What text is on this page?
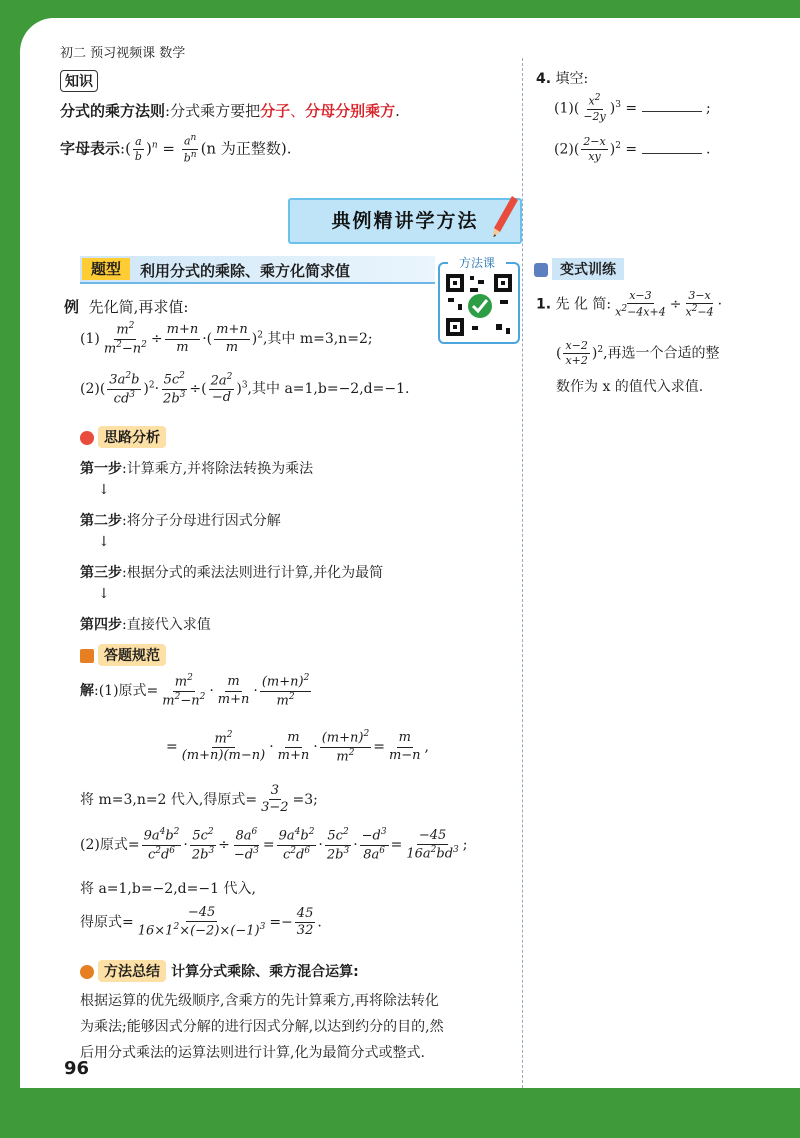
初二 预习视频课 数学
知识
分式的乘方法则:分式乘方要把分子、分母分别乘方.
字母表示:( $\frac{a}{b} )^n = \frac{a^n}{b^n} (n$ 为正整数).
4. 填空:
$(1)( \frac{x^2}{-2y} )^3$ =	;
$(2)( \frac{2-x}{xy} )^2$ =	.
典例精讲学方法
题型	利用分式的乘除、乘方化简求值	方法课
例 先化简,再求值:
$(1) \frac{m^2}{m^2-n^2} \div \frac{m+n}{m}$ ·( $\frac{m+n}{m} )^2$,其中 m=3,n=2;
$(2)( \frac{3a^2b}{cd^3} )^2\cdot \frac{5c^2}{2b^3}$ ÷( $\frac{2a^2}{-d} )^3$,其中 a=1,b=−2,d=−1.
思路分析
第一步:计算乘方,并将除法转换为乘法
↓
第二步:将分子分母进行因式分解
↓
第三步:根据分式的乘法法则进行计算,并化为最简
↓
第四步:直接代入求值
答题规范
解:(1)原式= $\frac{m^2}{m^2-n^2} \cdot \frac{m}{m+n} \cdot \frac{(m+n)^2}{m^2}$
= $\frac{m^2}{(m+n)(m-n)} \cdot \frac{m}{m+n} \cdot \frac{(m+n)^2}{m^2} = \frac{m}{m-n}$ ,
将 m=3,n=2 代入,得原式= $\frac{3}{3-2} =3$;
(2)原式= $\frac{9a^4b^2}{c^2d^6} \cdot \frac{5c^2}{2b^3} \div \frac{8a^6}{-d^3} = \frac{9a^4b^2}{c^2d^6} \cdot \frac{5c^2}{2b^3} \cdot \frac{-d^3}{8a^6} = \frac{-45}{16a^2bd^3}$ ;
将 a=1,b=−2,d=−1 代入,
得原式= $\frac{-45}{16\times 1^2\times(-2)\times(-1)^3} =- \frac{45}{32}$ .
方法总结 计算分式乘除、乘方混合运算:
根据运算的优先级顺序,含乘方的先计算乘方,再将除法转化
为乘法;能够因式分解的进行因式分解,以达到约分的目的,然
后用分式乘法的运算法则进行计算,化为最简分式或整式.
变式训练
1. 先 化 简: $\frac{x-3}{x^2-4x+4} \div \frac{3-x}{x^2-4}$ ·
( $\frac{x-2}{x+2} )^2$,再选一个合适的整
数作为 x 的值代入求值.
96
